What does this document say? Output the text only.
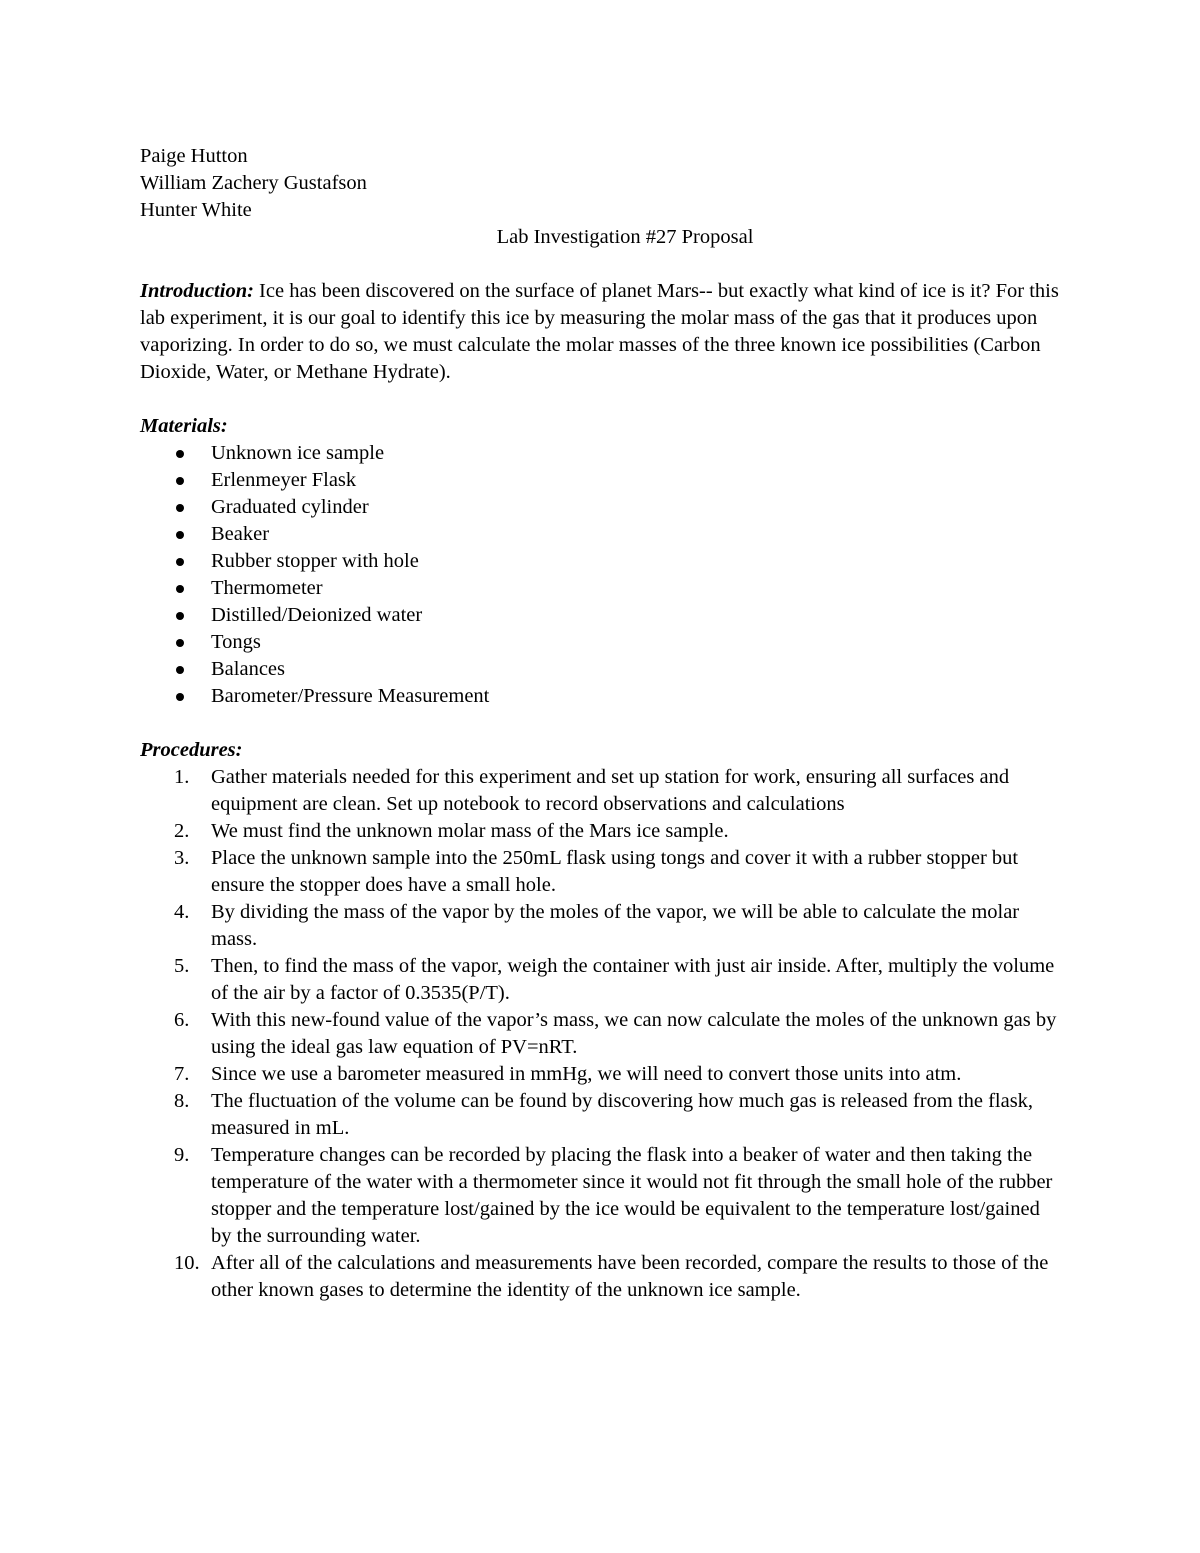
Paige Hutton
William Zachery Gustafson
Hunter White
Lab Investigation #27 Proposal
Introduction: Ice has been discovered on the surface of planet Mars-- but exactly what kind of ice is it? For this lab experiment, it is our goal to identify this ice by measuring the molar mass of the gas that it produces upon vaporizing. In order to do so, we must calculate the molar masses of the three known ice possibilities (Carbon Dioxide, Water, or Methane Hydrate).
Materials:
Unknown ice sample
Erlenmeyer Flask
Graduated cylinder
Beaker
Rubber stopper with hole
Thermometer
Distilled/Deionized water
Tongs
Balances
Barometer/Pressure Measurement
Procedures:
1.	Gather materials needed for this experiment and set up station for work, ensuring all surfaces and equipment are clean. Set up notebook to record observations and calculations
2.	We must find the unknown molar mass of the Mars ice sample.
3.	Place the unknown sample into the 250mL flask using tongs and cover it with a rubber stopper but ensure the stopper does have a small hole.
4.	By dividing the mass of the vapor by the moles of the vapor, we will be able to calculate the molar mass.
5.	Then, to find the mass of the vapor, weigh the container with just air inside. After, multiply the volume of the air by a factor of 0.3535(P/T).
6.	With this new-found value of the vapor’s mass, we can now calculate the moles of the unknown gas by using the ideal gas law equation of PV=nRT.
7.	Since we use a barometer measured in mmHg, we will need to convert those units into atm.
8.	The fluctuation of the volume can be found by discovering how much gas is released from the flask, measured in mL.
9.	Temperature changes can be recorded by placing the flask into a beaker of water and then taking the temperature of the water with a thermometer since it would not fit through the small hole of the rubber stopper and the temperature lost/gained by the ice would be equivalent to the temperature lost/gained by the surrounding water.
10. After all of the calculations and measurements have been recorded, compare the results to those of the other known gases to determine the identity of the unknown ice sample.
